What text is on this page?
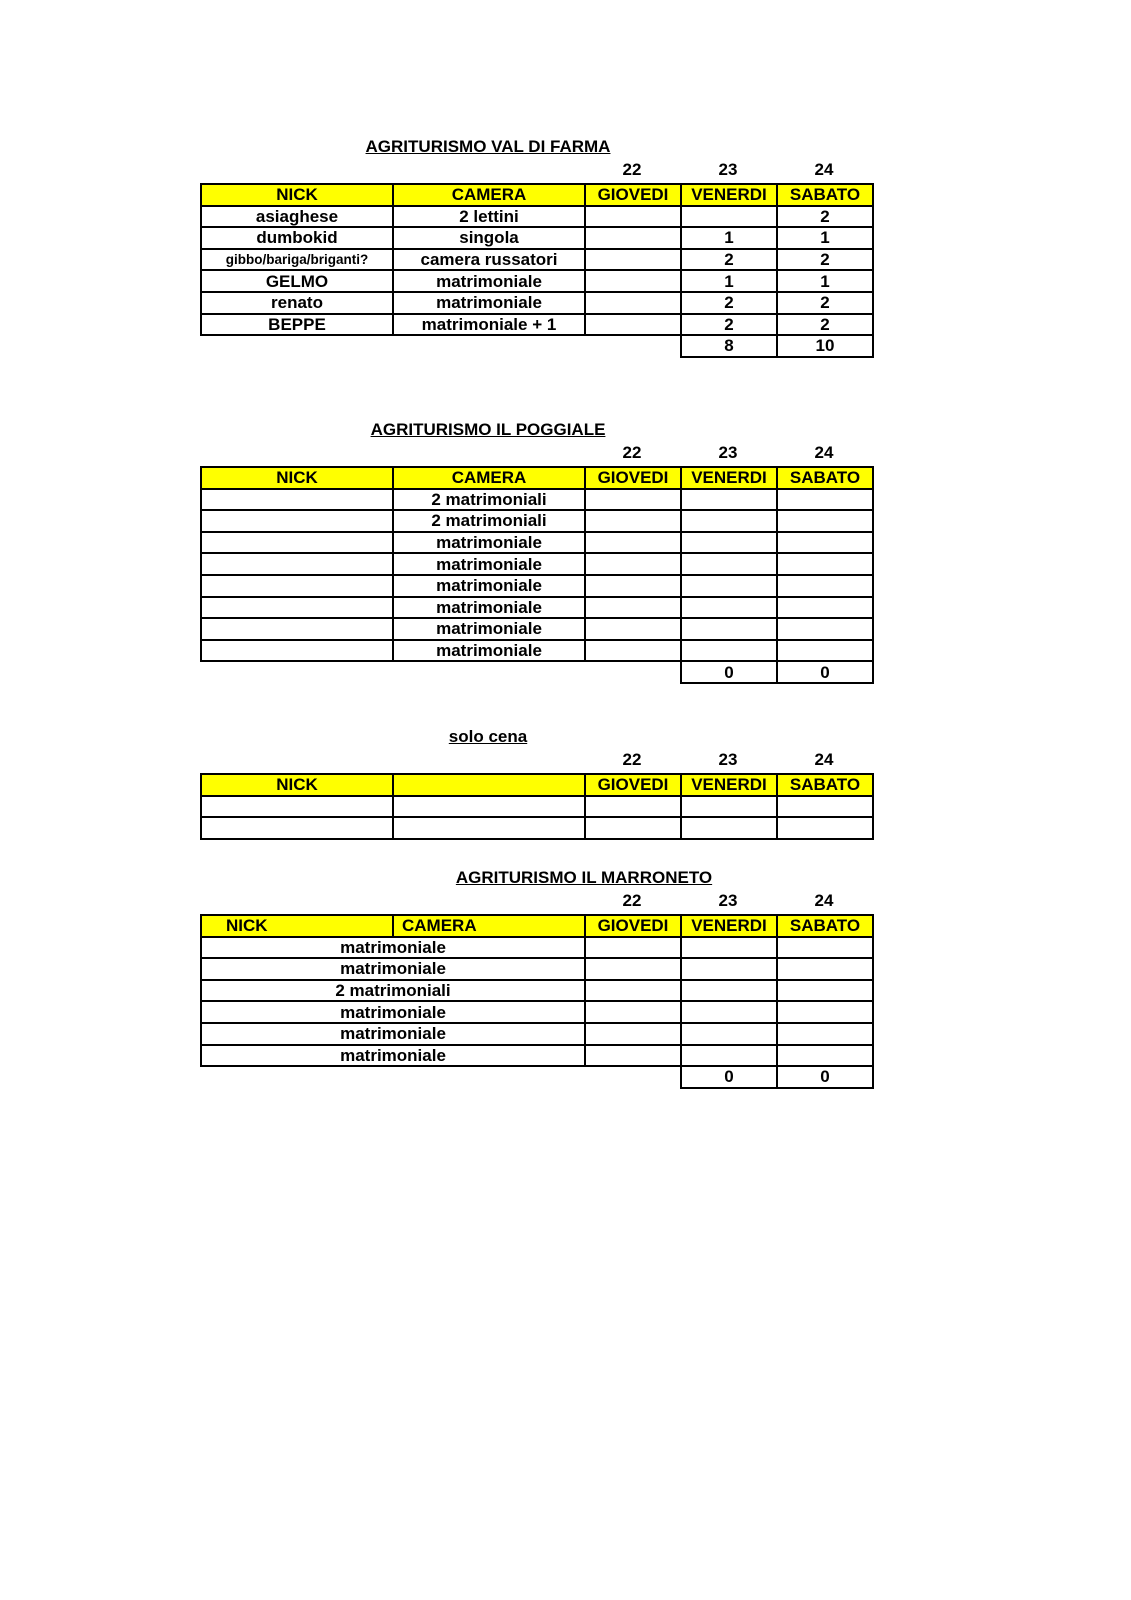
AGRITURISMO VAL DI FARMA
22	23	24
NICK	CAMERA	GIOVEDI	VENERDI	SABATO
asiaghese	2 lettini			2
dumbokid	singola		1	1
gibbo/bariga/briganti?	camera russatori		2	2
GELMO	matrimoniale		1	1
renato	matrimoniale		2	2
BEPPE	matrimoniale + 1		2	2
			8	10
AGRITURISMO IL POGGIALE
22	23	24
NICK	CAMERA	GIOVEDI	VENERDI	SABATO
	2 matrimoniali			
	2 matrimoniali			
	matrimoniale			
	matrimoniale			
	matrimoniale			
	matrimoniale			
	matrimoniale			
	matrimoniale			
			0	0
solo cena
22	23	24
NICK		GIOVEDI	VENERDI	SABATO

AGRITURISMO IL MARRONETO
22	23	24
NICK	CAMERA	GIOVEDI	VENERDI	SABATO
matrimoniale				
matrimoniale				
2 matrimoniali				
matrimoniale				
matrimoniale				
matrimoniale				
			0	0
